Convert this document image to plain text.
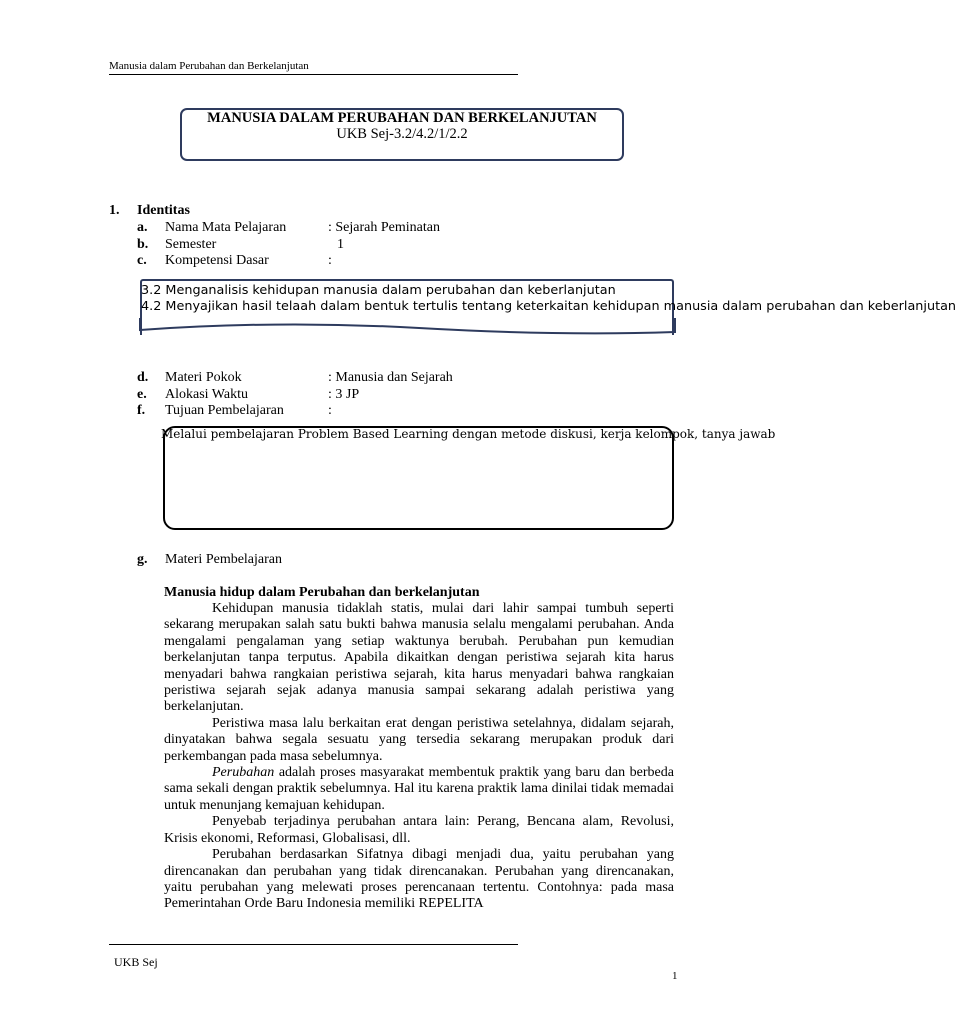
Manusia dalam Perubahan dan Berkelanjutan
MANUSIA DALAM PERUBAHAN DAN BERKELANJUTAN
UKB Sej-3.2/4.2/1/2.2
1. Identitas
a. Nama Mata Pelajaran	: Sejarah Peminatan
b. Semester	1
c. Kompetensi Dasar	:
3.2 Menganalisis kehidupan manusia dalam perubahan dan keberlanjutan
4.2 Menyajikan hasil telaah dalam bentuk tertulis tentang keterkaitan kehidupan manusia dalam perubahan dan keberlanjutan
d. Materi Pokok	: Manusia dan Sejarah
e. Alokasi Waktu	: 3 JP
f. Tujuan Pembelajaran	:
Melalui pembelajaran Problem Based Learning dengan metode diskusi, kerja kelompok, tanya jawab
g. Materi Pembelajaran
Manusia hidup dalam Perubahan dan berkelanjutan

Kehidupan manusia tidaklah statis, mulai dari lahir sampai tumbuh seperti sekarang merupakan salah satu bukti bahwa manusia selalu mengalami perubahan. Anda mengalami pengalaman yang setiap waktunya berubah. Perubahan pun kemudian berkelanjutan tanpa terputus. Apabila dikaitkan dengan peristiwa sejarah kita harus menyadari bahwa rangkaian peristiwa sejarah, kita harus menyadari bahwa rangkaian peristiwa sejarah sejak adanya manusia sampai sekarang adalah peristiwa yang berkelanjutan.

Peristiwa masa lalu berkaitan erat dengan peristiwa setelahnya, didalam sejarah, dinyatakan bahwa segala sesuatu yang tersedia sekarang merupakan produk dari perkembangan pada masa sebelumnya.

Perubahan adalah proses masyarakat membentuk praktik yang baru dan berbeda sama sekali dengan praktik sebelumnya. Hal itu karena praktik lama dinilai tidak memadai untuk menunjang kemajuan kehidupan.

Penyebab terjadinya perubahan antara lain: Perang, Bencana alam, Revolusi, Krisis ekonomi, Reformasi, Globalisasi, dll.

Perubahan berdasarkan Sifatnya dibagi menjadi dua, yaitu perubahan yang direncanakan dan perubahan yang tidak direncanakan. Perubahan yang direncanakan, yaitu perubahan yang melewati proses perencanaan tertentu. Contohnya: pada masa Pemerintahan Orde Baru Indonesia memiliki REPELITA

UKB Sej
1
